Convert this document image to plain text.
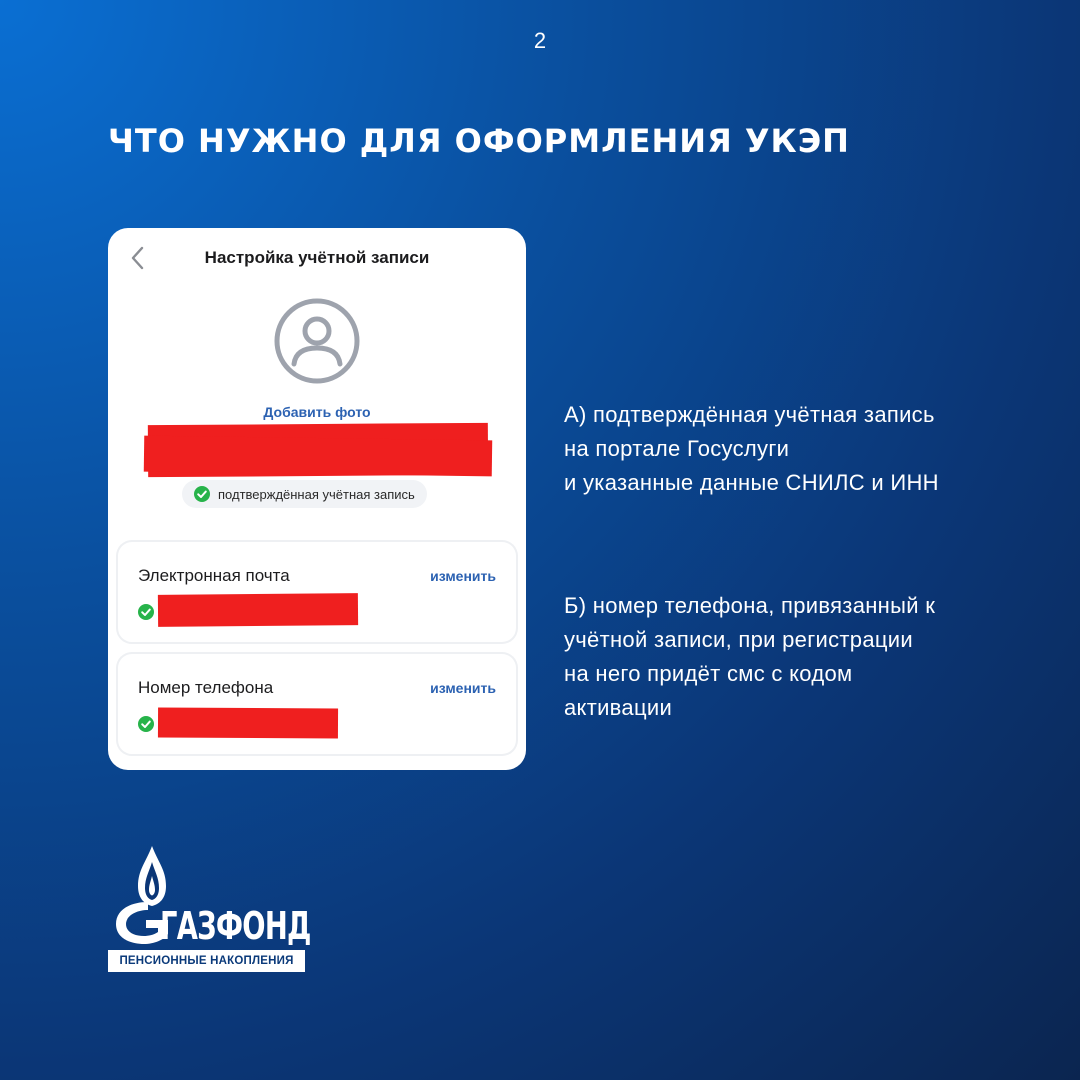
2
ЧТО НУЖНО ДЛЯ ОФОРМЛЕНИЯ УКЭП
Настройка учётной записи
Добавить фото
подтверждённая учётная запись
Электронная почта	изменить
Номер телефона	изменить
А) подтверждённая учётная запись
на портале Госуслуги
и указанные данные СНИЛС и ИНН
Б) номер телефона, привязанный к
учётной записи, при регистрации
на него придёт смс с кодом
активации
ГАЗФОНД
ПЕНСИОННЫЕ НАКОПЛЕНИЯ
